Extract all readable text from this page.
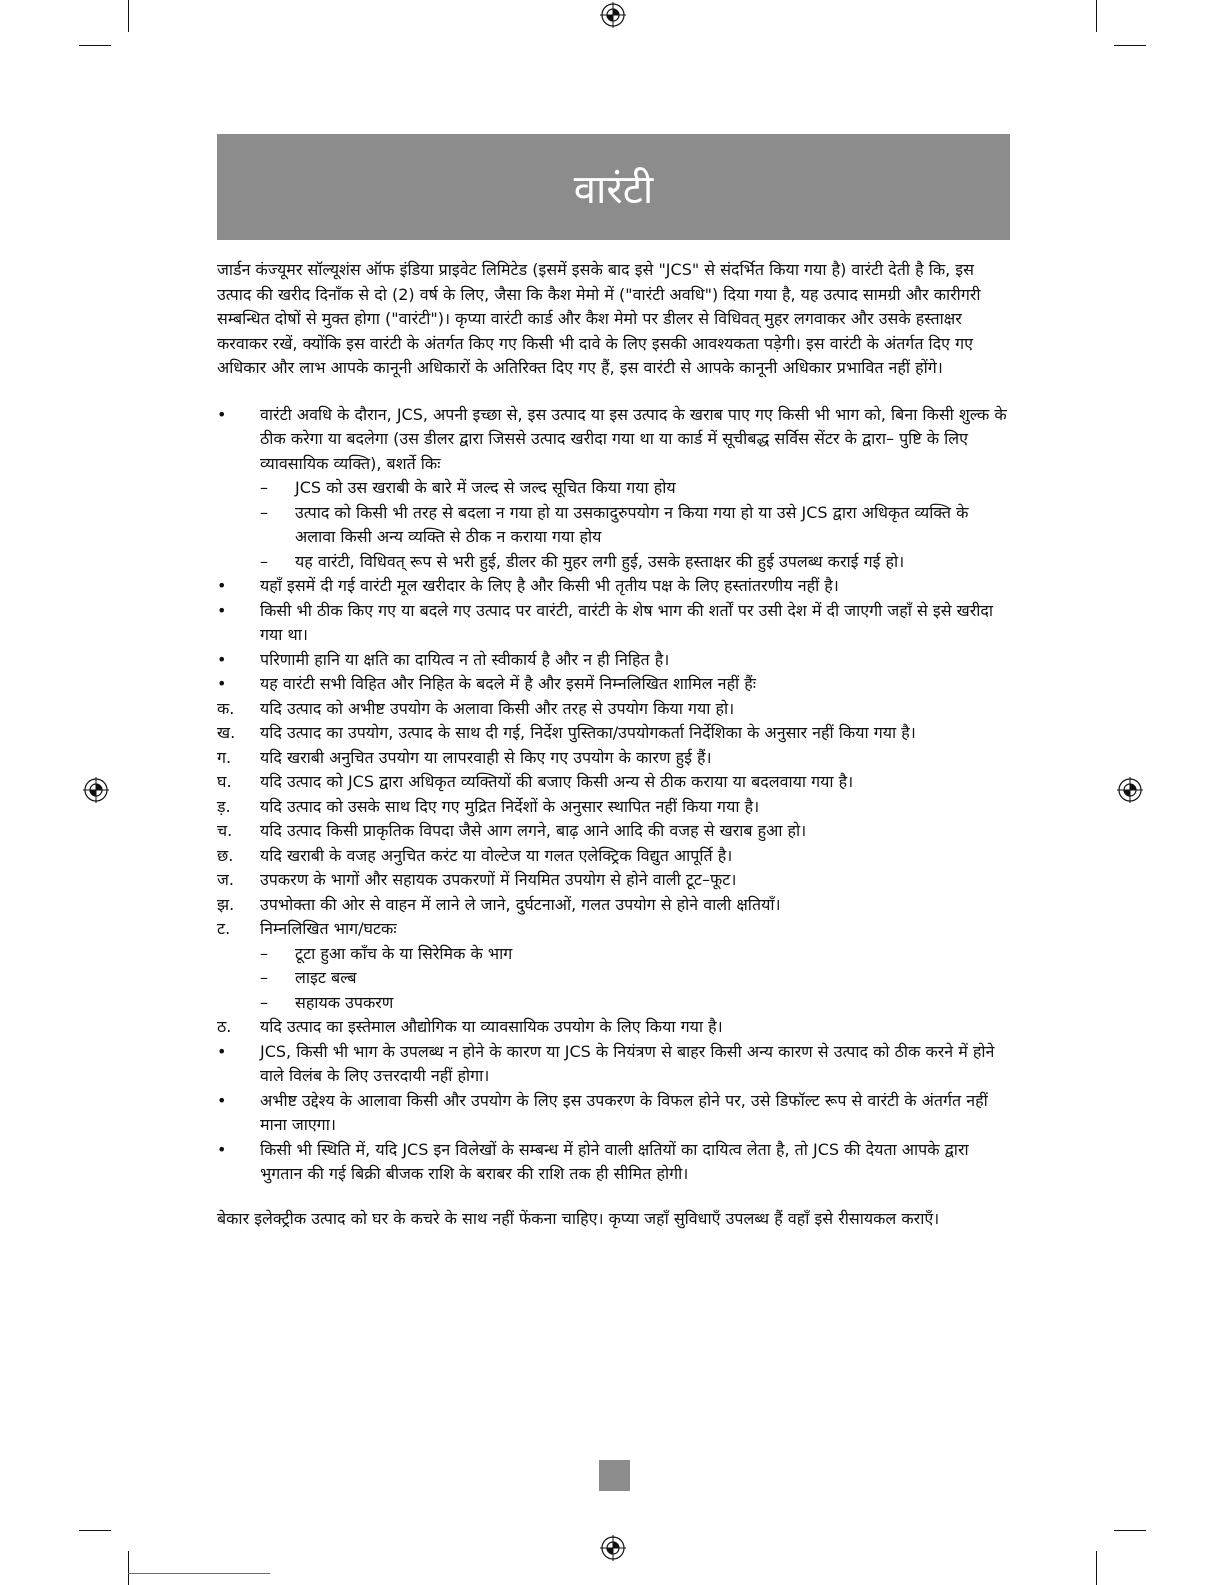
वारंटी

जार्डन कंज्यूमर सॉल्यूशंस ऑफ इंडिया प्राइवेट लिमिटेड (इसमें इसके बाद इसे "JCS" से संदर्भित किया गया है) वारंटी देती है कि, इस उत्पाद की खरीद दिनाँक से दो (2) वर्ष के लिए, जैसा कि कैश मेमो में ("वारंटी अवधि") दिया गया है, यह उत्पाद सामग्री और कारीगरी सम्बन्धित दोषों से मुक्त होगा ("वारंटी")। कृप्या वारंटी कार्ड और कैश मेमो पर डीलर से विधिवत् मुहर लगवाकर और उसके हस्ताक्षर करवाकर रखें, क्योंकि इस वारंटी के अंतर्गत किए गए किसी भी दावे के लिए इसकी आवश्यकता पड़ेगी। इस वारंटी के अंतर्गत दिए गए अधिकार और लाभ आपके कानूनी अधिकारों के अतिरिक्त दिए गए हैं, इस वारंटी से आपके कानूनी अधिकार प्रभावित नहीं होंगे।

•	वारंटी अवधि के दौरान, JCS, अपनी इच्छा से, इस उत्पाद या इस उत्पाद के खराब पाए गए किसी भी भाग को, बिना किसी शुल्क के ठीक करेगा या बदलेगा (उस डीलर द्वारा जिससे उत्पाद खरीदा गया था या कार्ड में सूचीबद्ध सर्विस सेंटर के द्वारा– पुष्टि के लिए व्यावसायिक व्यक्ति), बशर्ते किः
–	JCS को उस खराबी के बारे में जल्द से जल्द सूचित किया गया होय
–	उत्पाद को किसी भी तरह से बदला न गया हो या उसकादुरुपयोग न किया गया हो या उसे JCS द्वारा अधिकृत व्यक्ति के अलावा किसी अन्य व्यक्ति से ठीक न कराया गया होय
–	यह वारंटी, विधिवत् रूप से भरी हुई, डीलर की मुहर लगी हुई, उसके हस्ताक्षर की हुई उपलब्ध कराई गई हो।
•	यहाँ इसमें दी गई वारंटी मूल खरीदार के लिए है और किसी भी तृतीय पक्ष के लिए हस्तांतरणीय नहीं है।
•	किसी भी ठीक किए गए या बदले गए उत्पाद पर वारंटी, वारंटी के शेष भाग की शर्तों पर उसी देश में दी जाएगी जहाँ से इसे खरीदा गया था।
•	परिणामी हानि या क्षति का दायित्व न तो स्वीकार्य है और न ही निहित है।
•	यह वारंटी सभी विहित और निहित के बदले में है और इसमें निम्नलिखित शामिल नहीं हैंः
क.	यदि उत्पाद को अभीष्ट उपयोग के अलावा किसी और तरह से उपयोग किया गया हो।
ख.	यदि उत्पाद का उपयोग, उत्पाद के साथ दी गई, निर्देश पुस्तिका/उपयोगकर्ता निर्देशिका के अनुसार नहीं किया गया है।
ग.	यदि खराबी अनुचित उपयोग या लापरवाही से किए गए उपयोग के कारण हुई हैं।
घ.	यदि उत्पाद को JCS द्वारा अधिकृत व्यक्तियों की बजाए किसी अन्य से ठीक कराया या बदलवाया गया है।
ड़.	यदि उत्पाद को उसके साथ दिए गए मुद्रित निर्देशों के अनुसार स्थापित नहीं किया गया है।
च.	यदि उत्पाद किसी प्राकृतिक विपदा जैसे आग लगने, बाढ़ आने आदि की वजह से खराब हुआ हो।
छ.	यदि खराबी के वजह अनुचित करंट या वोल्टेज या गलत एलेक्ट्रिक विद्युत आपूर्ति है।
ज.	उपकरण के भागों और सहायक उपकरणों में नियमित उपयोग से होने वाली टूट–फूट।
झ.	उपभोक्ता की ओर से वाहन में लाने ले जाने, दुर्घटनाओं, गलत उपयोग से होने वाली क्षतियाँ।
ट.	निम्नलिखित भाग/घटकः
–	टूटा हुआ काँच के या सिरेमिक के भाग
–	लाइट बल्ब
–	सहायक उपकरण
ठ.	यदि उत्पाद का इस्तेमाल औद्योगिक या व्यावसायिक उपयोग के लिए किया गया है।
•	JCS, किसी भी भाग के उपलब्ध न होने के कारण या JCS के नियंत्रण से बाहर किसी अन्य कारण से उत्पाद को ठीक करने में होने वाले विलंब के लिए उत्तरदायी नहीं होगा।
•	अभीष्ट उद्देश्य के आलावा किसी और उपयोग के लिए इस उपकरण के विफल होने पर, उसे डिफॉल्ट रूप से वारंटी के अंतर्गत नहीं माना जाएगा।
•	किसी भी स्थिति में, यदि JCS इन विलेखों के सम्बन्ध में होने वाली क्षतियों का दायित्व लेता है, तो JCS की देयता आपके द्वारा भुगतान की गई बिक्री बीजक राशि के बराबर की राशि तक ही सीमित होगी।

बेकार इलेक्ट्रीक उत्पाद को घर के कचरे के साथ नहीं फेंकना चाहिए। कृप्या जहाँ सुविधाएँ उपलब्ध हैं वहाँ इसे रीसायकल कराएँ।
